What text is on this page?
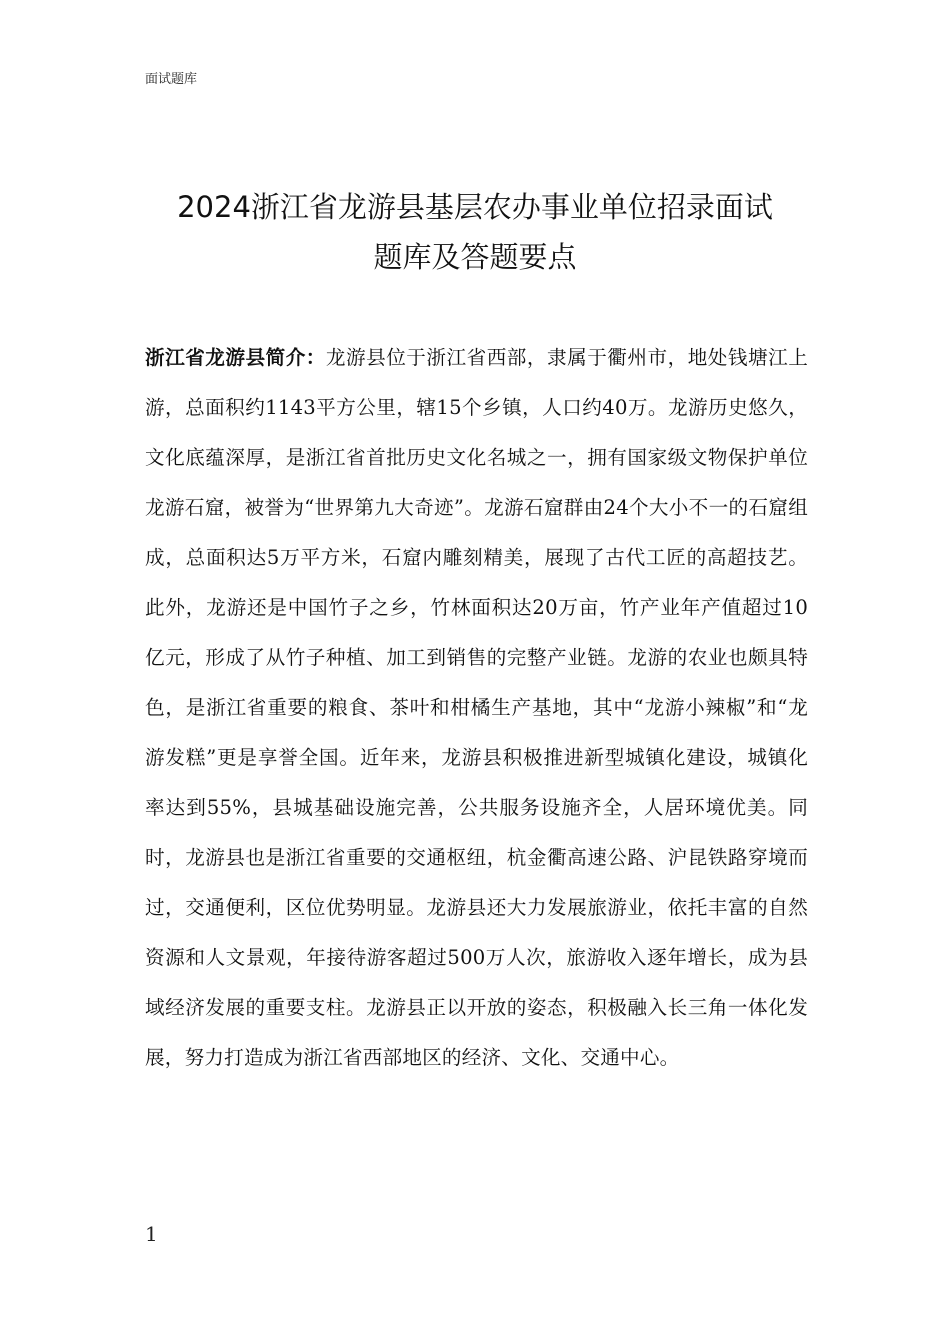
面试题库
2024浙江省龙游县基层农办事业单位招录面试
题库及答题要点

浙江省龙游县简介：龙游县位于浙江省西部，隶属于衢州市，地处钱塘江上游，总面积约1143平方公里，辖15个乡镇，人口约40万。龙游历史悠久，文化底蕴深厚，是浙江省首批历史文化名城之一，拥有国家级文物保护单位龙游石窟，被誉为“世界第九大奇迹”。龙游石窟群由24个大小不一的石窟组成，总面积达5万平方米，石窟内雕刻精美，展现了古代工匠的高超技艺。此外，龙游还是中国竹子之乡，竹林面积达20万亩，竹产业年产值超过10亿元，形成了从竹子种植、加工到销售的完整产业链。龙游的农业也颇具特色，是浙江省重要的粮食、茶叶和柑橘生产基地，其中“龙游小辣椒”和“龙游发糕”更是享誉全国。近年来，龙游县积极推进新型城镇化建设，城镇化率达到55%，县城基础设施完善，公共服务设施齐全，人居环境优美。同时，龙游县也是浙江省重要的交通枢纽，杭金衢高速公路、沪昆铁路穿境而过，交通便利，区位优势明显。龙游县还大力发展旅游业，依托丰富的自然资源和人文景观，年接待游客超过500万人次，旅游收入逐年增长，成为县域经济发展的重要支柱。龙游县正以开放的姿态，积极融入长三角一体化发展，努力打造成为浙江省西部地区的经济、文化、交通中心。

1
